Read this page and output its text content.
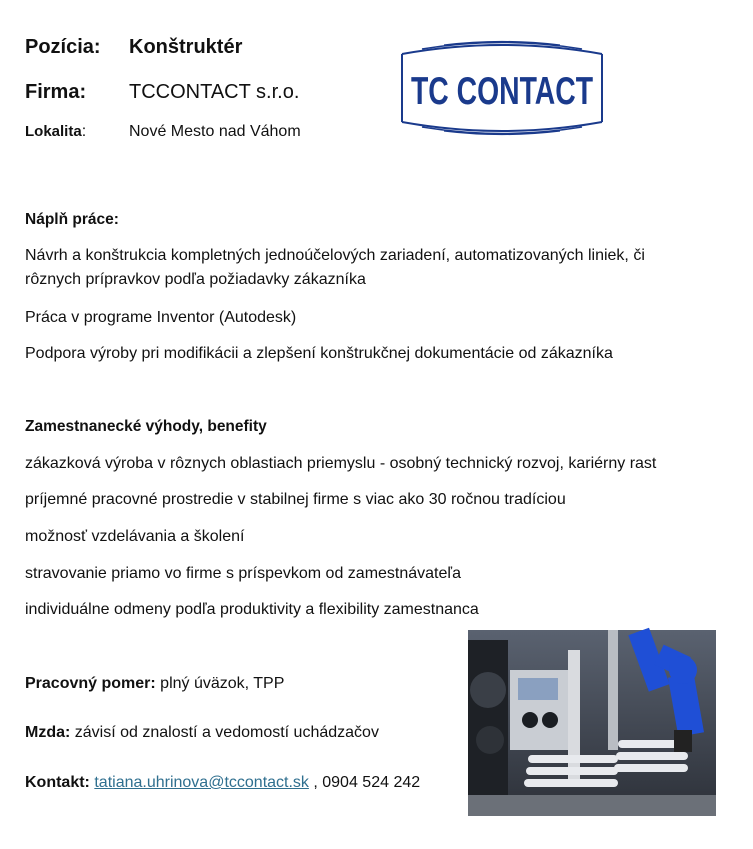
Pozícia: Konštruktér
Firma: TCCONTACT s.r.o.
Lokalita:	Nové Mesto nad Váhom
TC CONTACT
Náplň práce:
Návrh a konštrukcia kompletných jednoúčelových zariadení, automatizovaných liniek, či
rôznych prípravkov podľa požiadavky zákazníka
Práca v programe Inventor (Autodesk)
Podpora výroby pri modifikácii a zlepšení konštrukčnej dokumentácie od zákazníka
Zamestnanecké výhody, benefity
zákazková výroba v rôznych oblastiach priemyslu - osobný technický rozvoj, kariérny rast
príjemné pracovné prostredie v stabilnej firme s viac ako 30 ročnou tradíciou
možnosť vzdelávania a školení
stravovanie priamo vo firme s príspevkom od zamestnávateľa
individuálne odmeny podľa produktivity a flexibility zamestnanca
Pracovný pomer: plný úväzok, TPP
Mzda: závisí od znalostí a vedomostí uchádzačov
Kontakt: tatiana.uhrinova@tccontact.sk , 0904 524 242
